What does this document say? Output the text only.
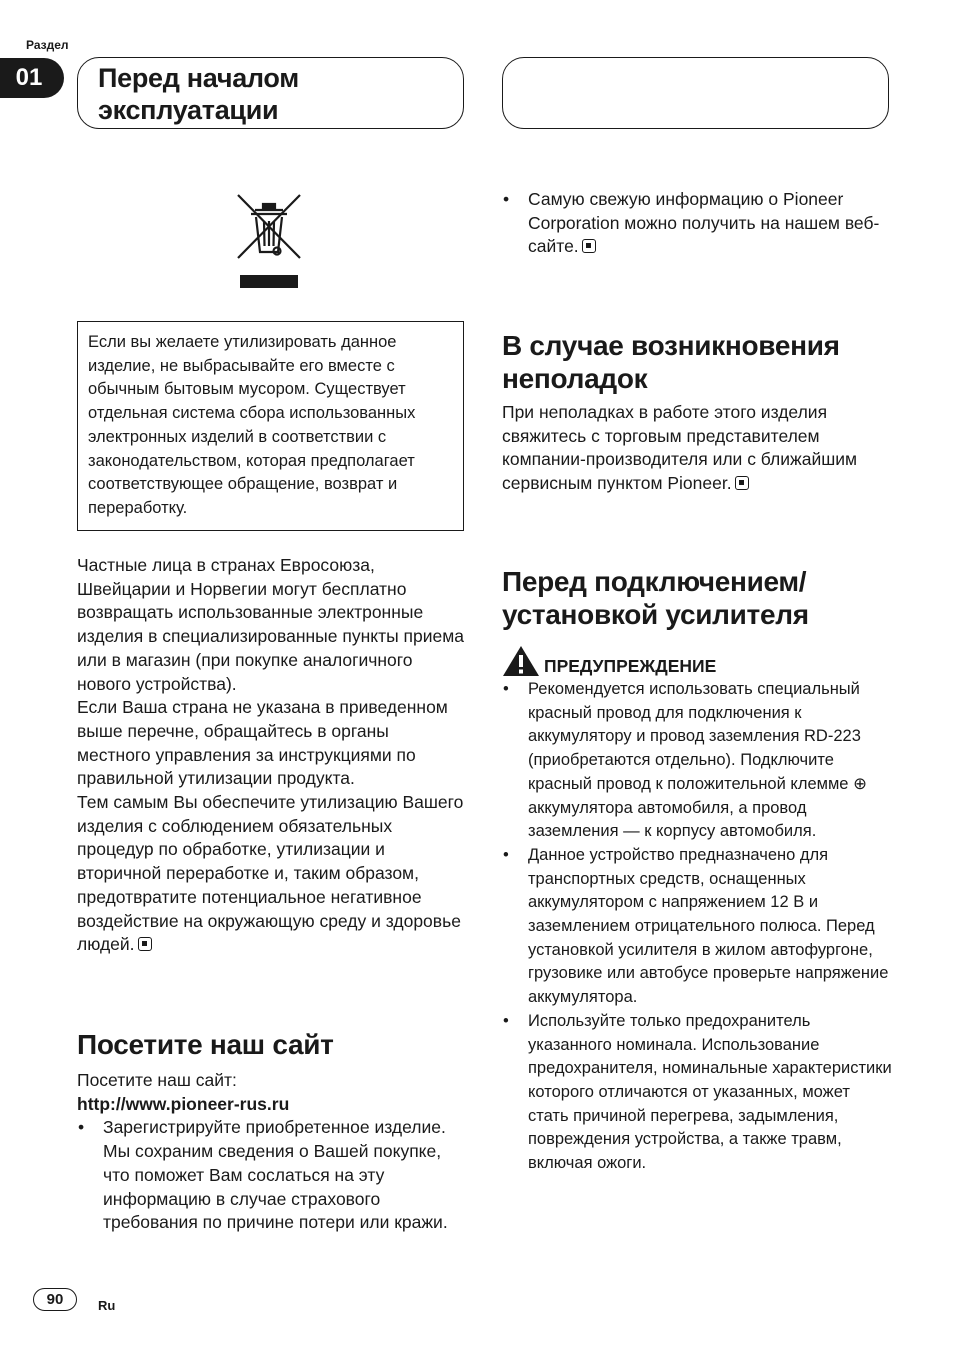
Раздел
01	Перед началом

эксплуатации

Если вы желаете утилизировать данное изделие, не выбрасывайте его вместе с обычным бытовым мусором. Существует отдельная система сбора использованных электронных изделий в соответствии с законодательством, которая предполагает соответствующее обращение, возврат и переработку.

Частные лица в странах Евросоюза, Швейцарии и Норвегии могут бесплатно возвращать использованные электронные изделия в специализированные пункты приема или в магазин (при покупке аналогичного нового устройства).

Если Ваша страна не указана в приведенном выше перечне, обращайтесь в органы местного управления за инструкциями по правильной утилизации продукта.

Тем самым Вы обеспечите утилизацию Вашего изделия с соблюдением обязательных процедур по обработке, утилизации и вторичной переработке и, таким образом, предотвратите потенциальное негативное воздействие на окружающую среду и здоровье людей.

Посетите наш сайт

Посетите наш сайт:

http://www.pioneer-rus.ru

• Зарегистрируйте приобретенное изделие. Мы сохраним сведения о Вашей покупке, что поможет Вам сослаться на эту информацию в случае страхового требования по причине потери или кражи.
• Самую свежую информацию о Pioneer Corporation можно получить на нашем веб-сайте.

В случае возникновения

неполадок

При неполадках в работе этого изделия свяжитесь с торговым представителем компании-производителя или с ближайшим сервисным пунктом Pioneer.

Перед подключением/

установкой усилителя

ПРЕДУПРЕЖДЕНИЕ
• Рекомендуется использовать специальный красный провод для подключения к аккумулятору и провод заземления RD-223 (приобретаются отдельно). Подключите красный провод к положительной клемме ⊕ аккумулятора автомобиля, а провод заземления — к корпусу автомобиля.
• Данное устройство предназначено для транспортных средств, оснащенных аккумулятором с напряжением 12 В и заземлением отрицательного полюса. Перед установкой усилителя в жилом автофургоне, грузовике или автобусе проверьте напряжение аккумулятора.
• Используйте только предохранитель указанного номинала. Использование предохранителя, номинальные характеристики которого отличаются от указанных, может стать причиной перегрева, задымления, повреждения устройства, а также травм, включая ожоги.
90	Ru
